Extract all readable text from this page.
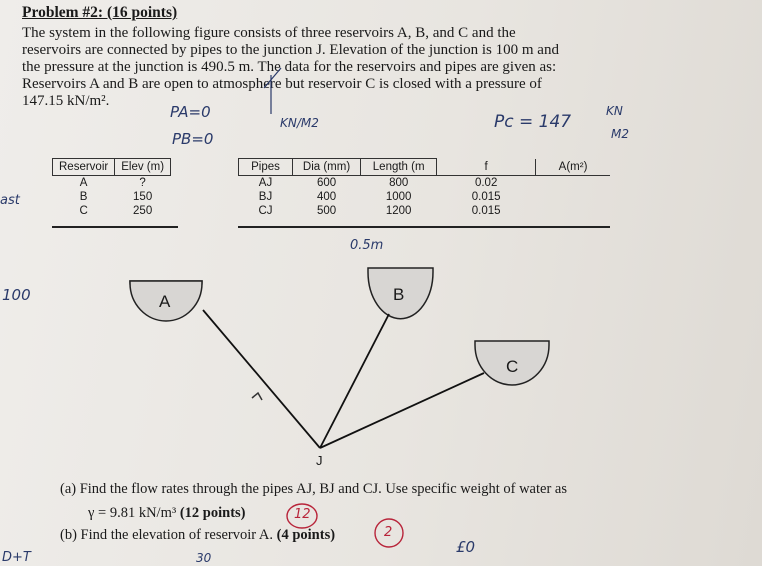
Problem #2: (16 points)
The system in the following figure consists of three reservoirs A, B, and C and the
reservoirs are connected by pipes to the junction J. Elevation of the junction is 100 m and
the pressure at the junction is 490.5 m. The data for the reservoirs and pipes are given as:
Reservoirs A and B are open to atmosphere but reservoir C is closed with a pressure of
147.15 kN/m².
PA=0
PB=0
KN/M2	Pc = 147
KN
M2
0.5m
ast
100
Reservoir	Elev (m)
A	?
B	150
C	250
Pipes	Dia (mm)	Length (m	f	A(m²)
AJ	600	800	0.02	
BJ	400	1000	0.015	
CJ	500	1200	0.015	
A	B
C
J
(a) Find the flow rates through the pipes AJ, BJ and CJ. Use specific weight of water as
γ = 9.81 kN/m³ (12 points)
(b) Find the elevation of reservoir A. (4 points)
12
2
D+T	30
£0
